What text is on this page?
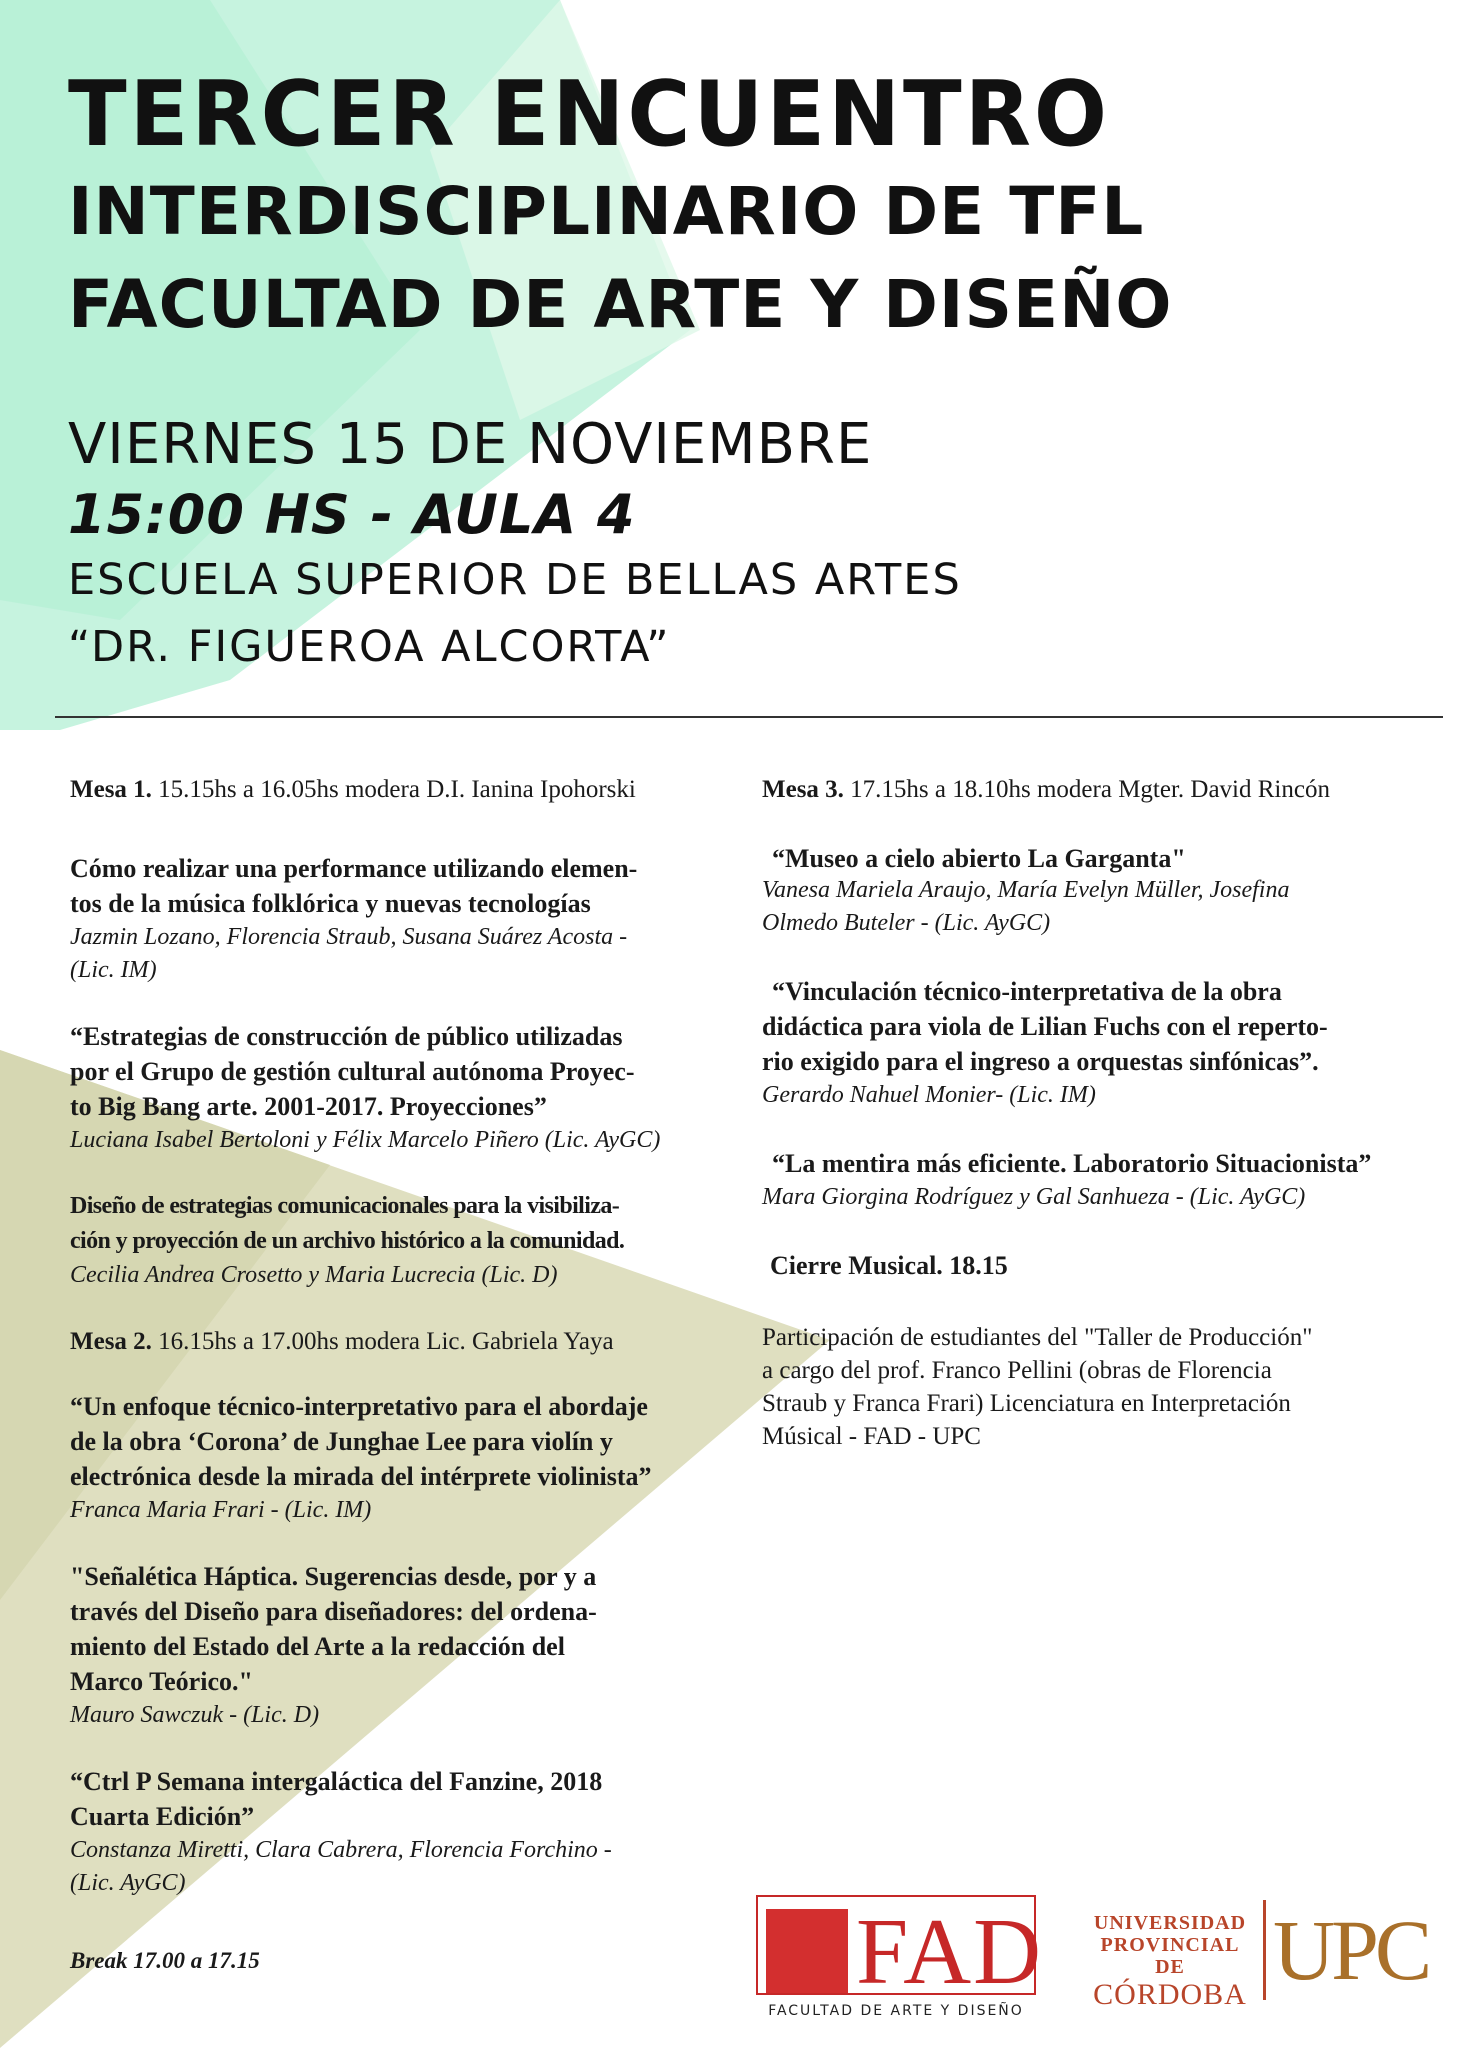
TERCER ENCUENTRO
INTERDISCIPLINARIO DE TFL
FACULTAD DE ARTE Y DISEÑO
VIERNES 15 DE NOVIEMBRE
15:00 HS - AULA 4
ESCUELA SUPERIOR DE BELLAS ARTES
“DR. FIGUEROA ALCORTA”
Mesa 1. 15.15hs a 16.05hs modera D.I. Ianina Ipohorski
Cómo realizar una performance utilizando elemen-
tos de la música folklórica y nuevas tecnologías
Jazmin Lozano, Florencia Straub, Susana Suárez Acosta -
(Lic. IM)
“Estrategias de construcción de público utilizadas
por el Grupo de gestión cultural autónoma Proyec-
to Big Bang arte. 2001-2017. Proyecciones”
Luciana Isabel Bertoloni y Félix Marcelo Piñero (Lic. AyGC)
Diseño de estrategias comunicacionales para la visibiliza-
ción y proyección de un archivo histórico a la comunidad.
Cecilia Andrea Crosetto y Maria Lucrecia (Lic. D)
Mesa 2. 16.15hs a 17.00hs modera Lic. Gabriela Yaya
“Un enfoque técnico-interpretativo para el abordaje
de la obra ‘Corona’ de Junghae Lee para violín y
electrónica desde la mirada del intérprete violinista”
Franca Maria Frari - (Lic. IM)
"Señalética Háptica. Sugerencias desde, por y a
través del Diseño para diseñadores: del ordena-
miento del Estado del Arte a la redacción del
Marco Teórico."
Mauro Sawczuk - (Lic. D)
“Ctrl P Semana intergaláctica del Fanzine, 2018
Cuarta Edición”
Constanza Miretti, Clara Cabrera, Florencia Forchino -
(Lic. AyGC)
Break 17.00 a 17.15
Mesa 3. 17.15hs a 18.10hs modera Mgter. David Rincón
“Museo a cielo abierto La Garganta"
Vanesa Mariela Araujo, María Evelyn Müller, Josefina
Olmedo Buteler - (Lic. AyGC)
“Vinculación técnico-interpretativa de la obra
didáctica para viola de Lilian Fuchs con el reperto-
rio exigido para el ingreso a orquestas sinfónicas”.
Gerardo Nahuel Monier- (Lic. IM)
“La mentira más eficiente. Laboratorio Situacionista”
Mara Giorgina Rodríguez y Gal Sanhueza - (Lic. AyGC)
Cierre Musical. 18.15
Participación de estudiantes del "Taller de Producción"
a cargo del prof. Franco Pellini (obras de Florencia
Straub y Franca Frari) Licenciatura en Interpretación
Músical - FAD - UPC
FAD
FACULTAD DE ARTE Y DISEÑO
UNIVERSIDAD
PROVINCIAL DE
CÓRDOBA UPC
